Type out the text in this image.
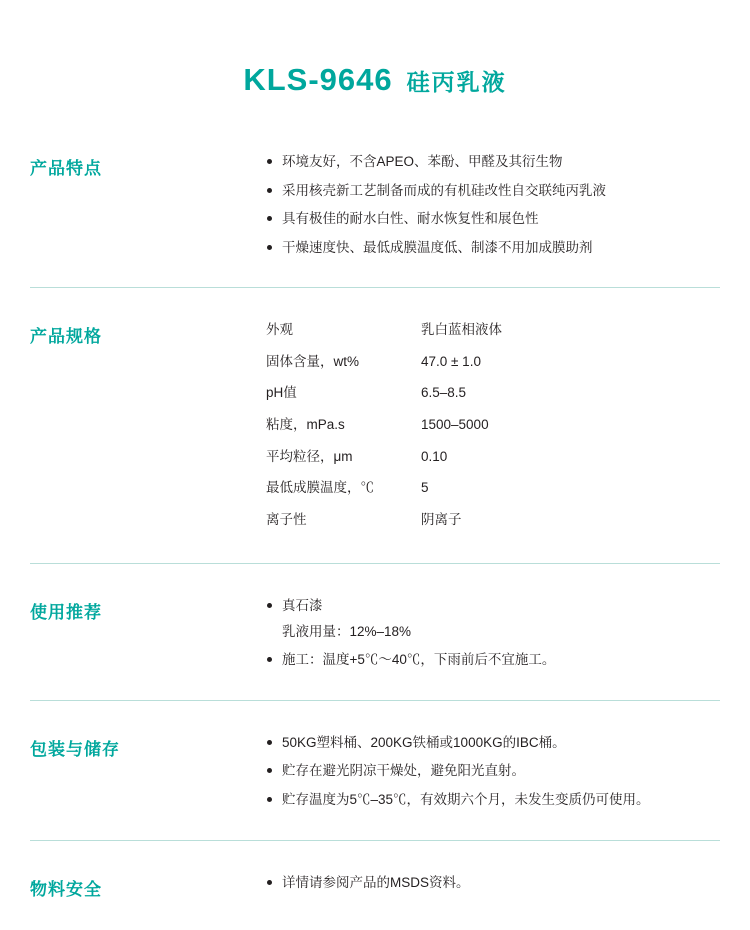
KLS-9646 硅丙乳液
产品特点	环境友好，不含APEO、苯酚、甲醛及其衍生物
采用核壳新工艺制备而成的有机硅改性自交联纯丙乳液
具有极佳的耐水白性、耐水恢复性和展色性
干燥速度快、最低成膜温度低、制漆不用加成膜助剂
产品规格	外观	乳白蓝相液体
固体含量，wt%	47.0 ± 1.0
pH值	6.5–8.5
粘度，mPa.s	1500–5000
平均粒径，μm	0.10
最低成膜温度，℃	5
离子性	阴离子
使用推荐	真石漆
乳液用量：12%–18%
施工：温度+5℃～40℃，下雨前后不宜施工。
包装与储存	50KG塑料桶、200KG铁桶或1000KG的IBC桶。
贮存在避光阴凉干燥处，避免阳光直射。
贮存温度为5℃–35℃，有效期六个月，未发生变质仍可使用。
物料安全	详情请参阅产品的MSDS资料。
